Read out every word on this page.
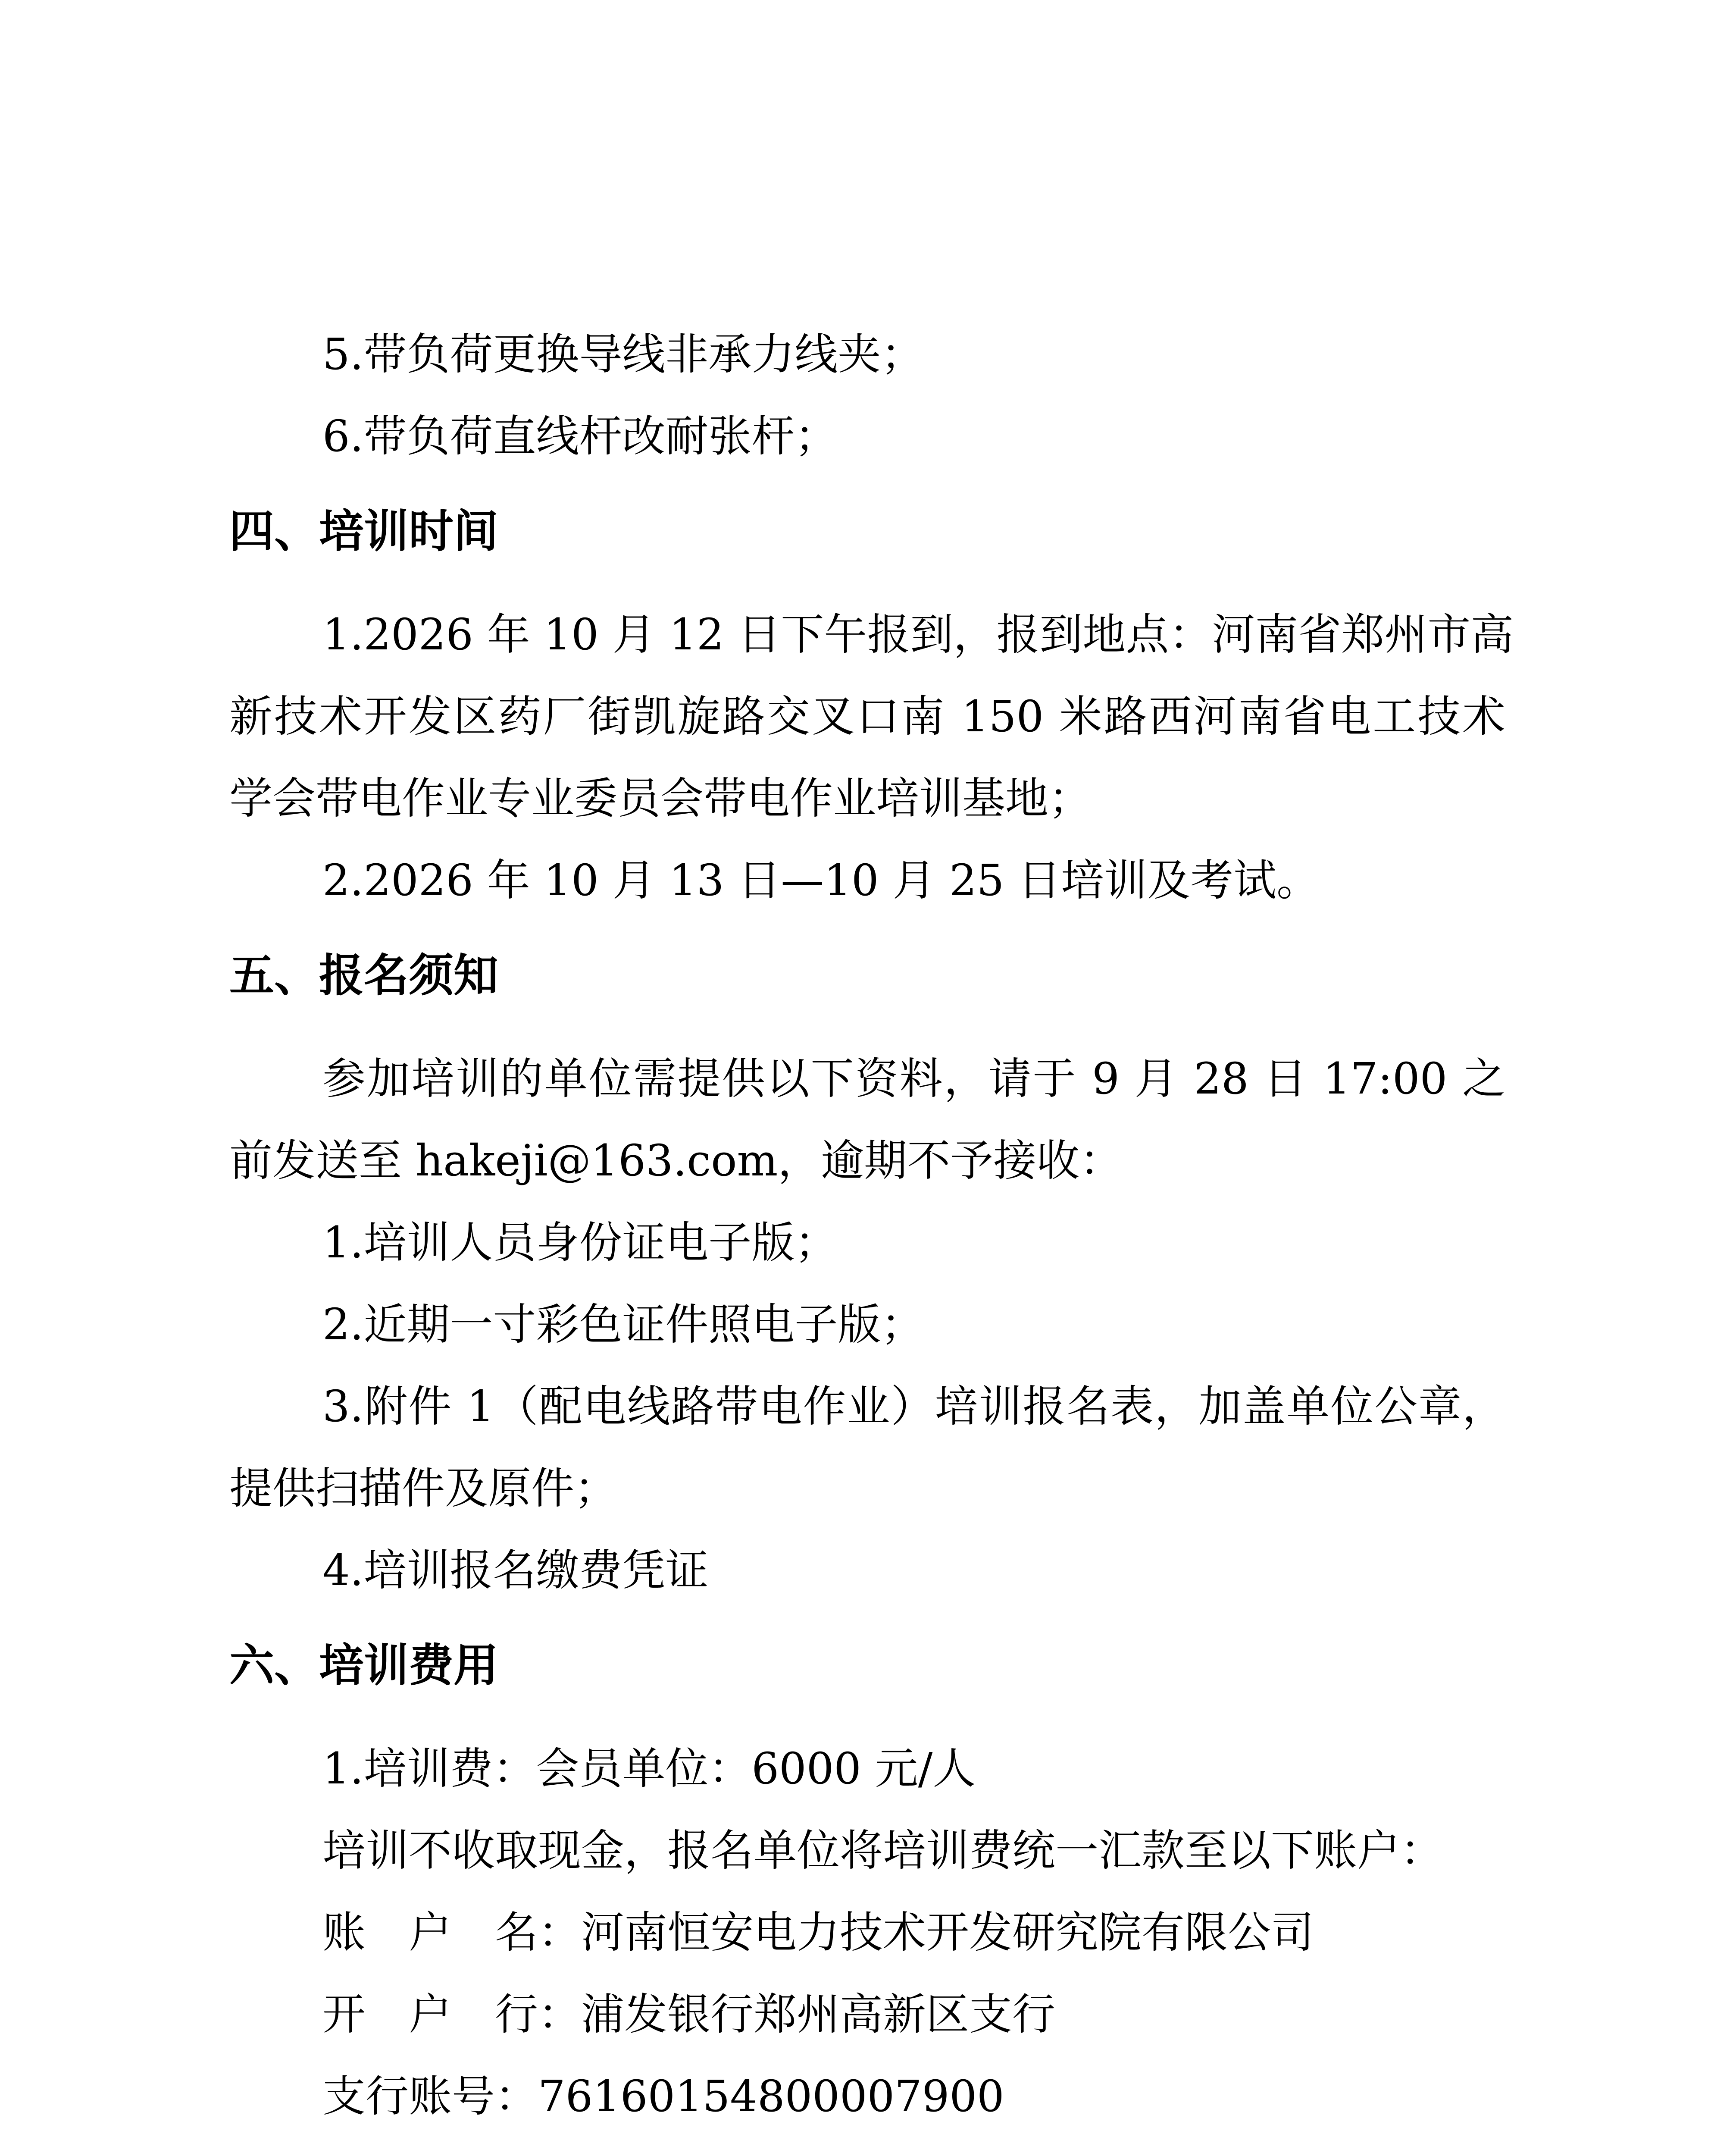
5.带负荷更换导线非承力线夹；

6.带负荷直线杆改耐张杆；

四、培训时间

1.2026 年 10 月 12 日下午报到，报到地点：河南省郑州市高

新技术开发区药厂街凯旋路交叉口南 150 米路西河南省电工技术

学会带电作业专业委员会带电作业培训基地；

2.2026 年 10 月 13 日—10 月 25 日培训及考试。

五、报名须知

参加培训的单位需提供以下资料，请于 9 月 28 日 17:00 之

前发送至 hakeji@163.com，逾期不予接收：

1.培训人员身份证电子版；

2.近期一寸彩色证件照电子版；

3.附件 1（配电线路带电作业）培训报名表，加盖单位公章，

提供扫描件及原件；

4.培训报名缴费凭证

六、培训费用

1.培训费：会员单位：6000 元/人

培训不收取现金，报名单位将培训费统一汇款至以下账户：

账　户　名：河南恒安电力技术开发研究院有限公司

开　户　行：浦发银行郑州高新区支行

支行账号：76160154800007900
